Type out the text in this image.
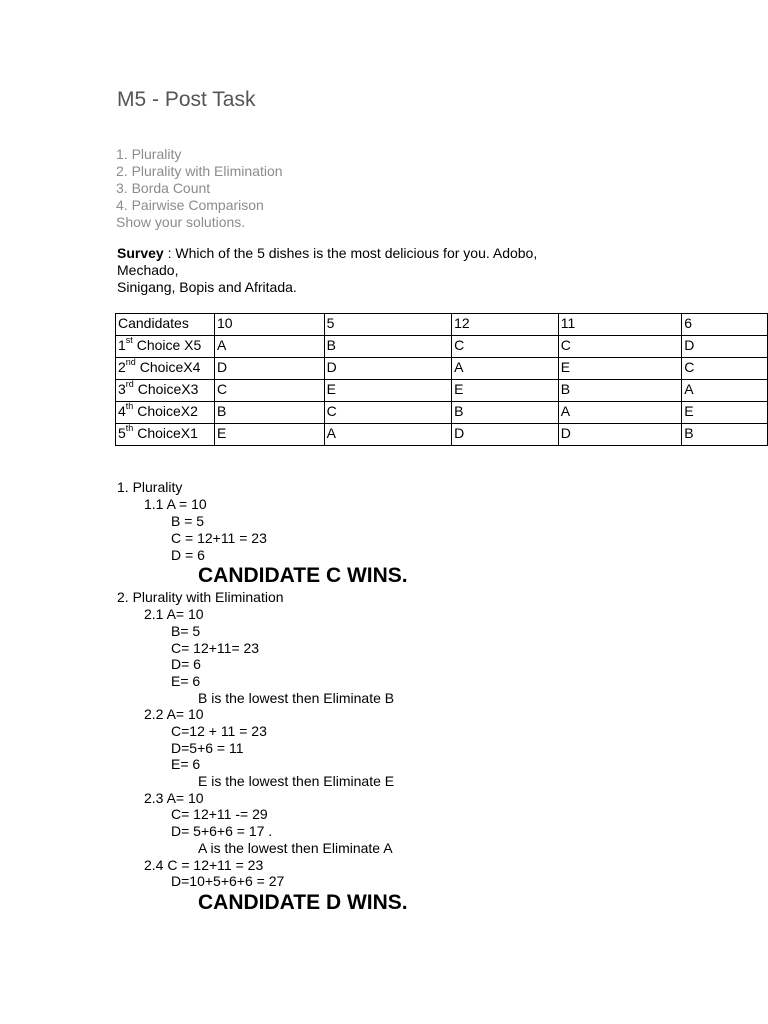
M5 - Post Task
1. Plurality
2. Plurality with Elimination
3. Borda Count
4. Pairwise Comparison
Show your solutions.
Survey : Which of the 5 dishes is the most delicious for you. Adobo,
Mechado,
Sinigang, Bopis and Afritada.
Candidates	10	5	12	11	6
1st Choice X5	A	B	C	C	D
2nd ChoiceX4	D	D	A	E	C
3rd ChoiceX3	C	E	E	B	A
4th ChoiceX2	B	C	B	A	E
5th ChoiceX1	E	A	D	D	B
1. Plurality
1.1 A = 10
B = 5
C = 12+11 = 23
D = 6
CANDIDATE C WINS.
2. Plurality with Elimination
2.1 A= 10
B= 5
C= 12+11= 23
D= 6
E= 6
B is the lowest then Eliminate B
2.2 A= 10
C=12 + 11 = 23
D=5+6 = 11
E= 6
E is the lowest then Eliminate E
2.3 A= 10
C= 12+11 -= 29
D= 5+6+6 = 17 .
A is the lowest then Eliminate A
2.4 C = 12+11 = 23
D=10+5+6+6 = 27
CANDIDATE D WINS.
